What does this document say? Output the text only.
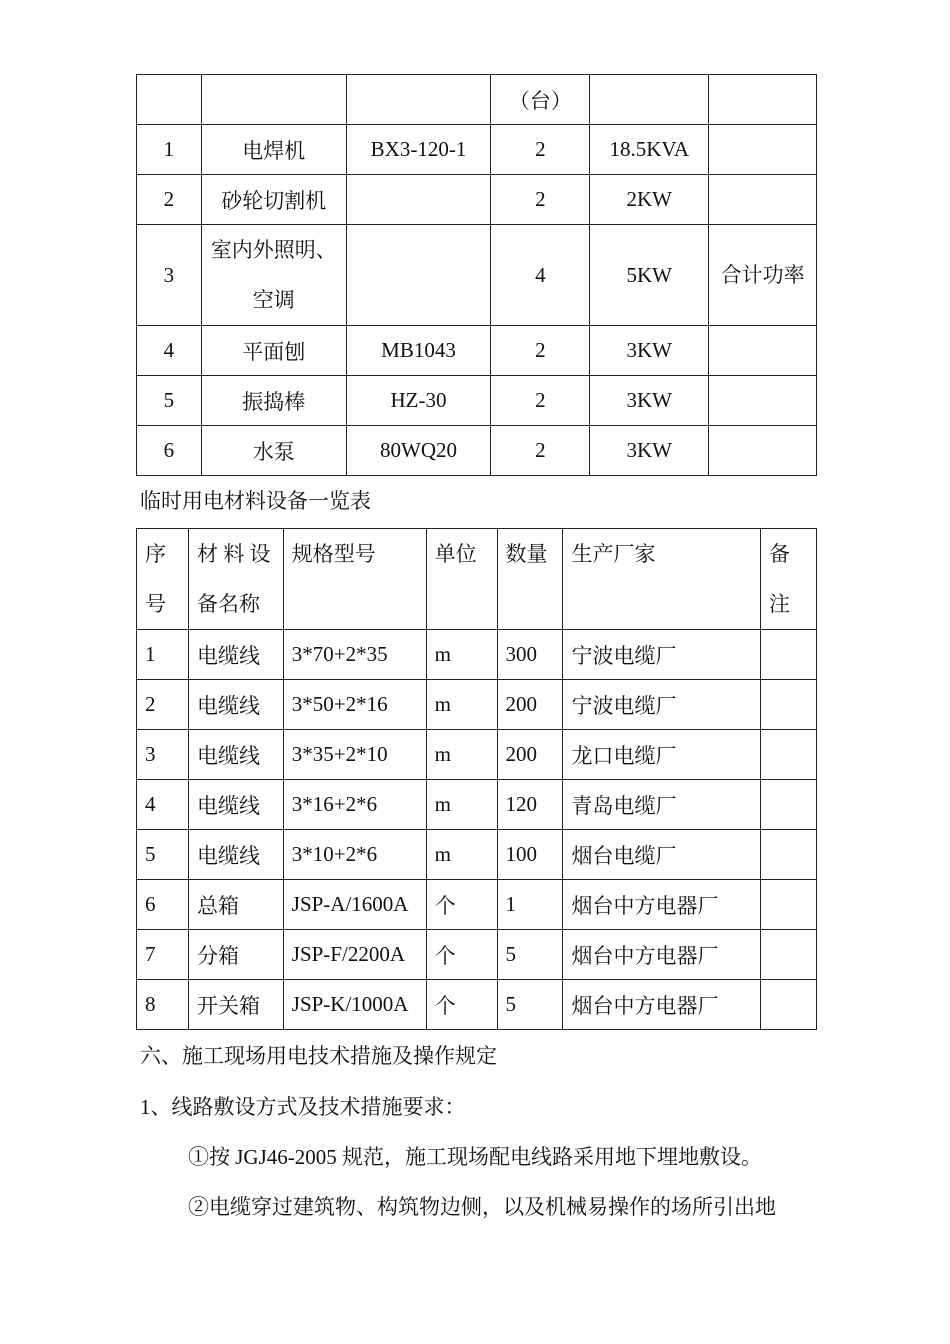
			（台）		
1	电焊机	BX3-120-1	2	18.5KVA	
2	砂轮切割机		2	2KW	
3	室内外照明、空调		4	5KW	合计功率
4	平面刨	MB1043	2	3KW	
5	振捣棒	HZ-30	2	3KW	
6	水泵	80WQ20	2	3KW	
临时用电材料设备一览表
序号	材 料 设备名称	规格型号	单位	数量	生产厂家	备注
1	电缆线	3*70+2*35	m	300	宁波电缆厂	
2	电缆线	3*50+2*16	m	200	宁波电缆厂	
3	电缆线	3*35+2*10	m	200	龙口电缆厂	
4	电缆线	3*16+2*6	m	120	青岛电缆厂	
5	电缆线	3*10+2*6	m	100	烟台电缆厂	
6	总箱	JSP-A/1600A	个	1	烟台中方电器厂	
7	分箱	JSP-F/2200A	个	5	烟台中方电器厂	
8	开关箱	JSP-K/1000A	个	5	烟台中方电器厂	
六、施工现场用电技术措施及操作规定
1、线路敷设方式及技术措施要求：
①按 JGJ46-2005 规范，施工现场配电线路采用地下埋地敷设。
②电缆穿过建筑物、构筑物边侧，以及机械易操作的场所引出地
